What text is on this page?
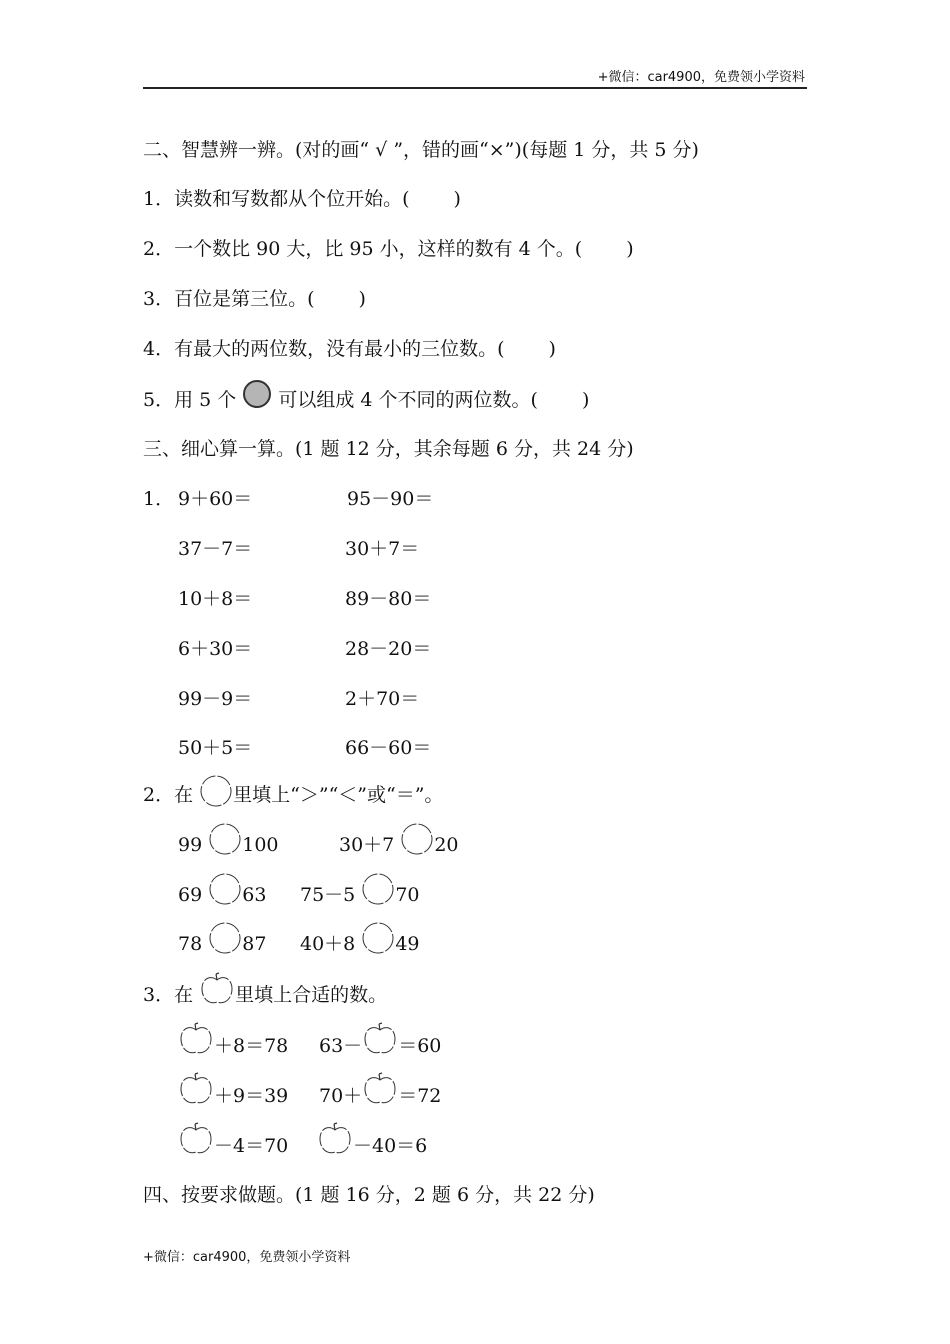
+微信：car4900，免费领小学资料
二、智慧辨一辨。(对的画“ √ ”，错的画“×”)(每题 1 分，共 5 分)
1．读数和写数都从个位开始。( )
2．一个数比 90 大，比 95 小，这样的数有 4 个。( )
3．百位是第三位。( )
4．有最大的两位数，没有最小的三位数。( )
5．用 5 个 可以组成 4 个不同的两位数。( )
三、细心算一算。(1 题 12 分，其余每题 6 分，共 24 分)
1． 9＋60＝	95－90＝
37－7＝	30＋7＝
10＋8＝	89－80＝
6＋30＝	28－20＝
99－9＝	2＋70＝
50＋5＝	66－60＝
2．在 里填上“＞”“＜”或“＝”。
99 100	30＋7 20
69 63 75－5 70
78 87 40＋8 49
3．在 里填上合适的数。
＋8＝78 63－ ＝60
＋9＝39 70＋ ＝72
－4＝70	－40＝6
四、按要求做题。(1 题 16 分，2 题 6 分，共 22 分)
+微信：car4900，免费领小学资料
